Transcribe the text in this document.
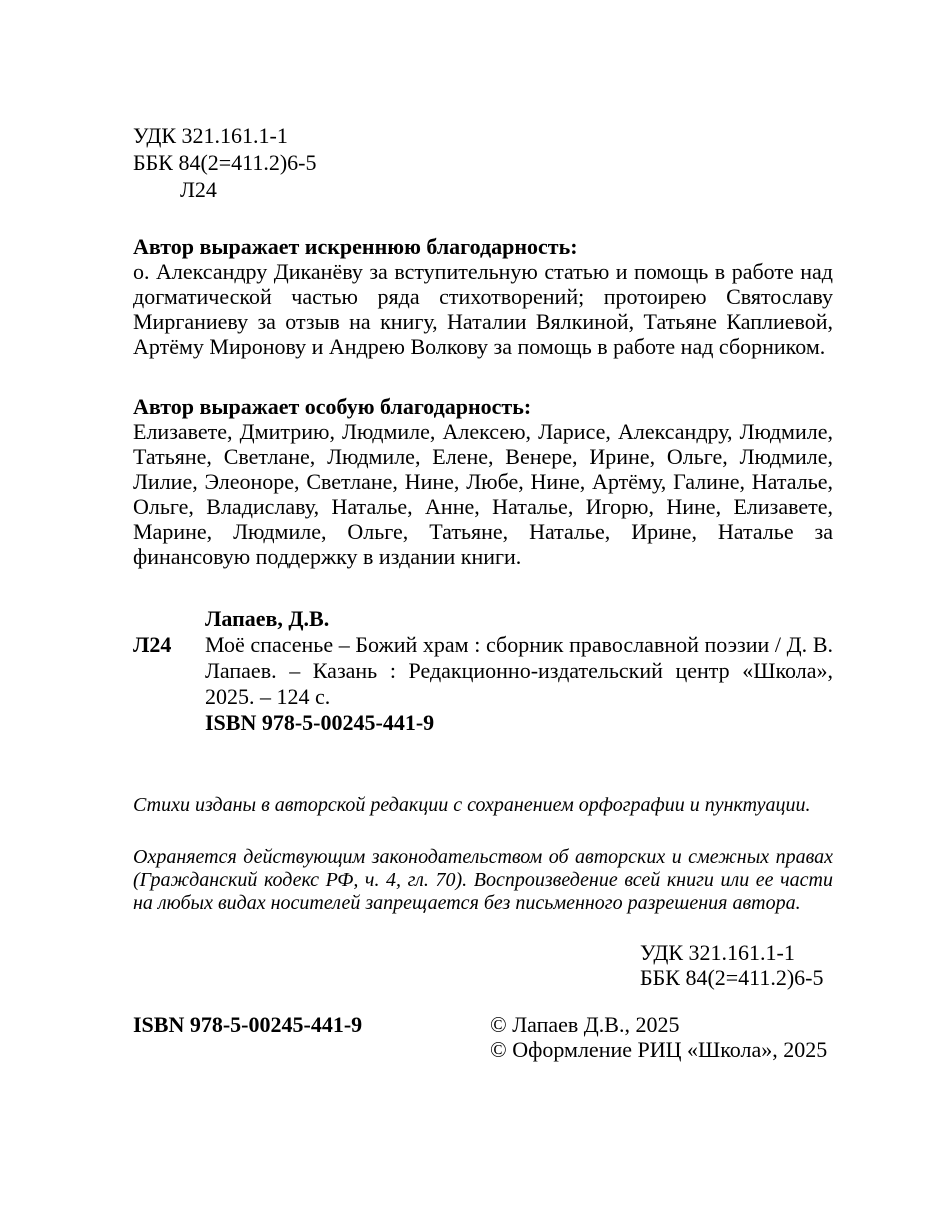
УДК 321.161.1-1
ББК 84(2=411.2)6-5
Л24

Автор выражает искреннюю благодарность:

о. Александру Диканёву за вступительную статью и помощь в работе над догматической частью ряда стихотворений; протоирею Святославу Мирганиеву за отзыв на книгу, Наталии Вялкиной, Татьяне Каплиевой, Артёму Миронову и Андрею Волкову за помощь в работе над сборником.

Автор выражает особую благодарность:

Елизавете, Дмитрию, Людмиле, Алексею, Ларисе, Александру, Людмиле, Татьяне, Светлане, Людмиле, Елене, Венере, Ирине, Ольге, Людмиле, Лилие, Элеоноре, Светлане, Нине, Любе, Нине, Артёму, Галине, Наталье, Ольге, Владиславу, Наталье, Анне, Наталье, Игорю, Нине, Елизавете, Марине, Людмиле, Ольге, Татьяне, Наталье, Ирине, Наталье за финансовую поддержку в издании книги.

Лапаев, Д.В.
Л24 Моё спасенье – Божий храм : сборник православной поэзии / Д. В. Лапаев. – Казань : Редакционно-издательский центр «Школа», 2025. – 124 с.

ISBN 978-5-00245-441-9

Стихи изданы в авторской редакции с сохранением орфографии и пунктуации.

Охраняется действующим законодательством об авторских и смежных правах (Гражданский кодекс РФ, ч. 4, гл. 70). Воспроизведение всей книги или ее части на любых видах носителей запрещается без письменного разрешения автора.

УДК 321.161.1-1
ББК 84(2=411.2)6-5
ISBN 978-5-00245-441-9	© Лапаев Д.В., 2025
© Оформление РИЦ «Школа», 2025
